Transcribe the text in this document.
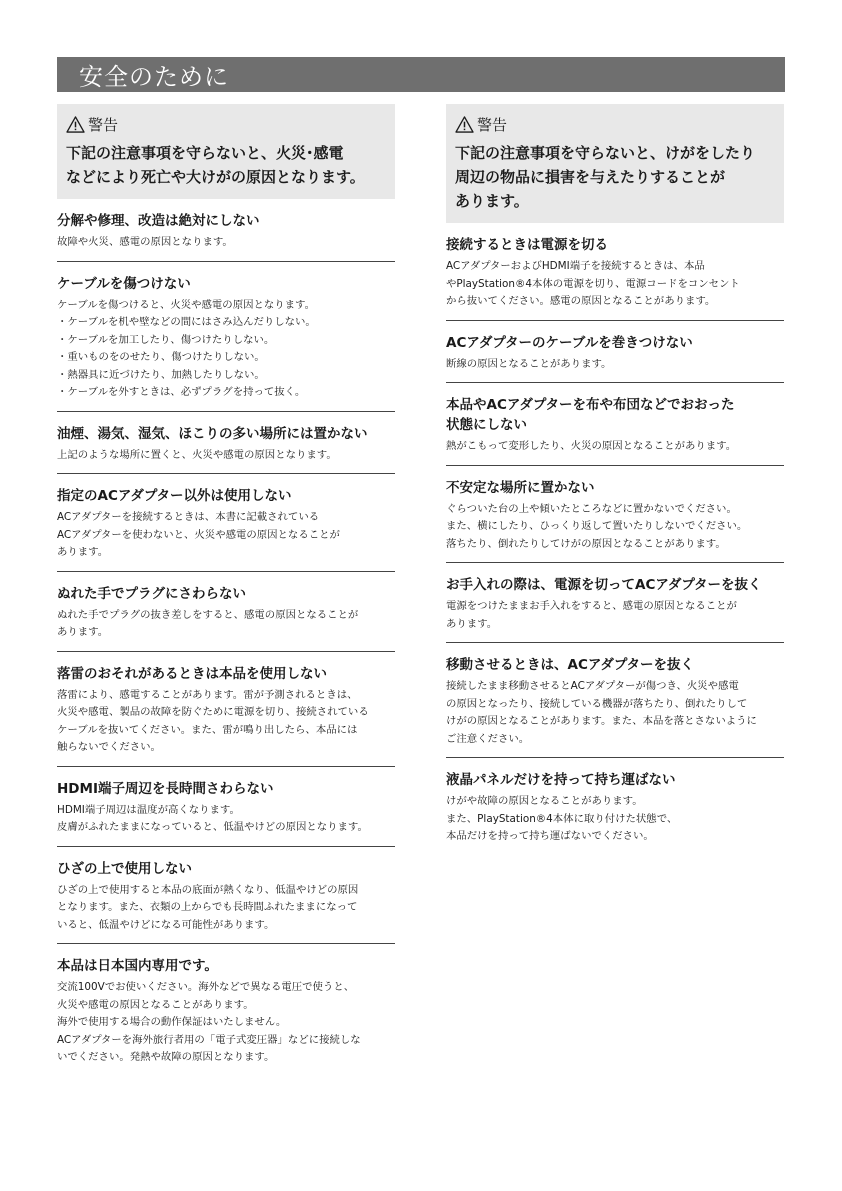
安全のために
警告
下記の注意事項を守らないと、火災･感電
などにより死亡や大けがの原因となります。
分解や修理、改造は絶対にしない
故障や火災、感電の原因となります。
ケーブルを傷つけない
ケーブルを傷つけると、火災や感電の原因となります。
・ケーブルを机や壁などの間にはさみ込んだりしない。
・ケーブルを加工したり、傷つけたりしない。
・重いものをのせたり、傷つけたりしない。
・熱器具に近づけたり、加熱したりしない。
・ケーブルを外すときは、必ずプラグを持って抜く。
油煙、湯気、湿気、ほこりの多い場所には置かない
上記のような場所に置くと、火災や感電の原因となります。
指定のACアダプター以外は使用しない
ACアダプターを接続するときは、本書に記載されている
ACアダプターを使わないと、火災や感電の原因となることが
あります。
ぬれた手でプラグにさわらない
ぬれた手でプラグの抜き差しをすると、感電の原因となることが
あります。
落雷のおそれがあるときは本品を使用しない
落雷により、感電することがあります。雷が予測されるときは、
火災や感電、製品の故障を防ぐために電源を切り、接続されている
ケーブルを抜いてください。また、雷が鳴り出したら、本品には
触らないでください。
HDMI端子周辺を長時間さわらない
HDMI端子周辺は温度が高くなります。
皮膚がふれたままになっていると、低温やけどの原因となります。
ひざの上で使用しない
ひざの上で使用すると本品の底面が熱くなり、低温やけどの原因
となります。また、衣類の上からでも長時間ふれたままになって
いると、低温やけどになる可能性があります。
本品は日本国内専用です。
交流100Vでお使いください。海外などで異なる電圧で使うと、
火災や感電の原因となることがあります。
海外で使用する場合の動作保証はいたしません。
ACアダプターを海外旅行者用の「電子式変圧器」などに接続しな
いでください。発熱や故障の原因となります。
警告
下記の注意事項を守らないと、けがをしたり
周辺の物品に損害を与えたりすることが
あります。
接続するときは電源を切る
ACアダプターおよびHDMI端子を接続するときは、本品
やPlayStation®4本体の電源を切り、電源コードをコンセント
から抜いてください。感電の原因となることがあります。
ACアダプターのケーブルを巻きつけない
断線の原因となることがあります。
本品やACアダプターを布や布団などでおおった
状態にしない
熱がこもって変形したり、火災の原因となることがあります。
不安定な場所に置かない
ぐらついた台の上や傾いたところなどに置かないでください。
また、横にしたり、ひっくり返して置いたりしないでください。
落ちたり、倒れたりしてけがの原因となることがあります。
お手入れの際は、電源を切ってACアダプターを抜く
電源をつけたままお手入れをすると、感電の原因となることが
あります。
移動させるときは、ACアダプターを抜く
接続したまま移動させるとACアダプターが傷つき、火災や感電
の原因となったり、接続している機器が落ちたり、倒れたりして
けがの原因となることがあります。また、本品を落とさないように
ご注意ください。
液晶パネルだけを持って持ち運ばない
けがや故障の原因となることがあります。
また、PlayStation®4本体に取り付けた状態で、
本品だけを持って持ち運ばないでください。
